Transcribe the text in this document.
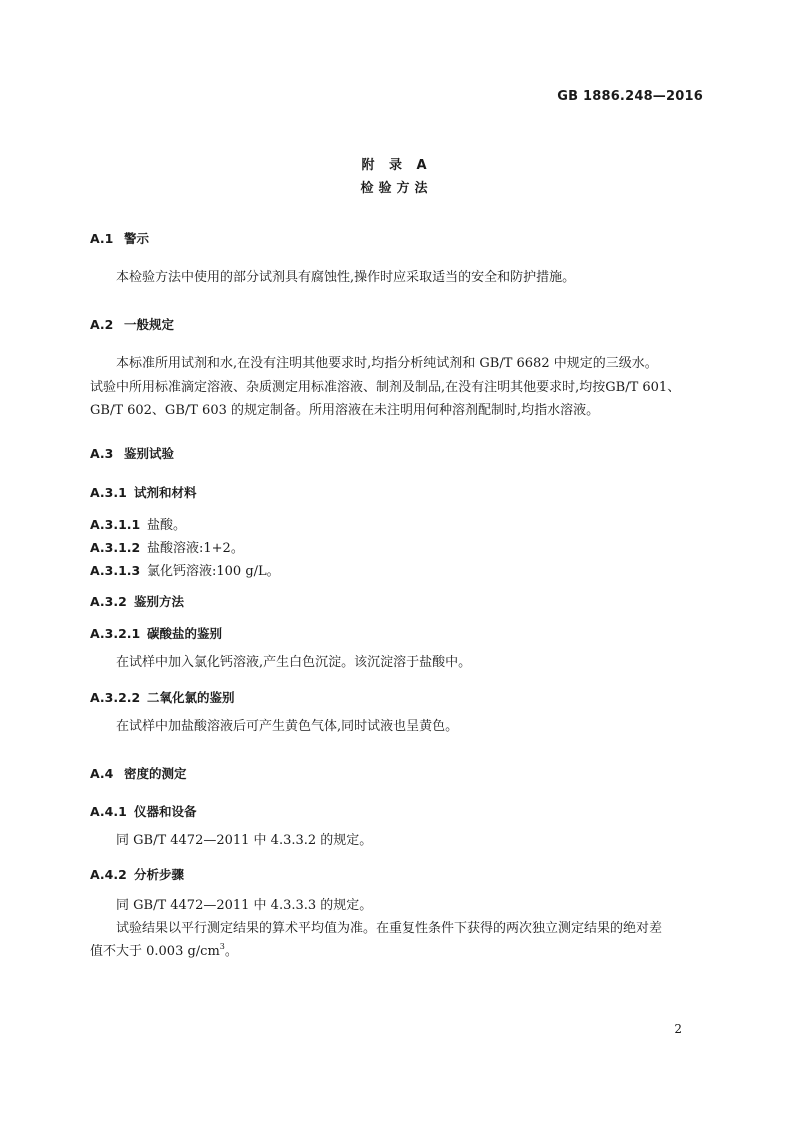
GB 1886.248—2016
附 录 A
检验方法
A.1 警示
本检验方法中使用的部分试剂具有腐蚀性,操作时应采取适当的安全和防护措施。
A.2 一般规定
本标准所用试剂和水,在没有注明其他要求时,均指分析纯试剂和 GB/T 6682 中规定的三级水。
试验中所用标准滴定溶液、杂质测定用标准溶液、制剂及制品,在没有注明其他要求时,均按GB/T 601、
GB/T 602、GB/T 603 的规定制备。所用溶液在未注明用何种溶剂配制时,均指水溶液。
A.3 鉴别试验
A.3.1 试剂和材料
A.3.1.1 盐酸。
A.3.1.2 盐酸溶液:1+2。
A.3.1.3 氯化钙溶液:100 g/L。
A.3.2 鉴别方法
A.3.2.1 碳酸盐的鉴别
在试样中加入氯化钙溶液,产生白色沉淀。该沉淀溶于盐酸中。
A.3.2.2 二氧化氯的鉴别
在试样中加盐酸溶液后可产生黄色气体,同时试液也呈黄色。
A.4 密度的测定
A.4.1 仪器和设备
同 GB/T 4472—2011 中 4.3.3.2 的规定。
A.4.2 分析步骤
同 GB/T 4472—2011 中 4.3.3.3 的规定。
试验结果以平行测定结果的算术平均值为准。在重复性条件下获得的两次独立测定结果的绝对差
值不大于 0.003 $g/cm^3$。
2
